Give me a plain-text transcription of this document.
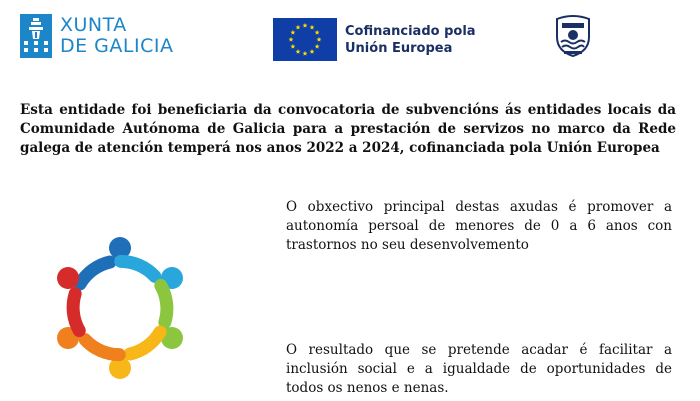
XUNTA
DE GALICIA
Cofinanciado pola
Unión Europea
Esta entidade foi beneficiaria da convocatoria de subvencións ás entidades locais da Comunidade Autónoma de Galicia para a prestación de servizos no marco da Rede galega de atención temperá nos anos 2022 a 2024, cofinanciada pola Unión Europea
O obxectivo principal destas axudas é promover a autonomía persoal de menores de 0 a 6 anos con trastornos no seu desenvolvemento
O resultado que se pretende acadar é facilitar a inclusión social e a igualdade de oportunidades de todos os nenos e nenas.
